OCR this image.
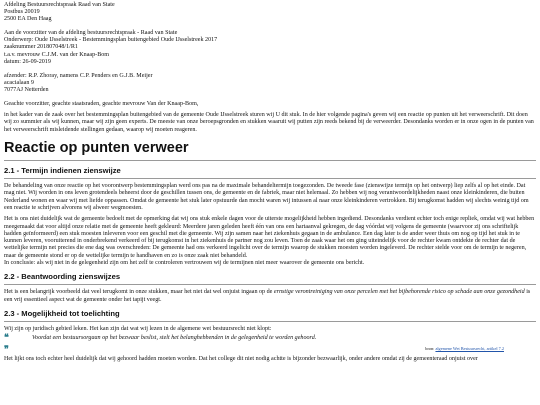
Afdeling Bestuursrechtspraak Raad van State
Postbus 20019
2500 EA Den Haag
Aan de voorzitter van de afdeling bestuursrechtspraak - Raad van State
Onderwerp: Oude IJsselstreek - Bestemmingsplan buitengebied Oude IJsselstreek 2017
zaaknummer 201807048/1/R1
t.a.v. mevrouw C.J.M. van der Knaap-Bom
datum: 26-09-2019
afzender: R.P. Zhoray, namens C.P. Penders en G.J.B. Meijer
acacialaan 9
7077AJ Netterden
Geachte voorzitter, geachte staatsraden, geachte mevrouw Van der Knaap-Bom,

in het kader van de zaak over het bestemmingsplan buitengebied van de gemeente Oude IJsselstreek sturen wij U dit stuk. In de hier volgende pagina's geven wij een reactie op punten uit het verweerschrift. Dit doen wij zo summier als wij kunnen, maar wij zijn geen experts. De meeste van onze beroepsgronden en stukken waaruit wij putten zijn reeds bekend bij de verweerder. Desondanks worden er in onze ogen in de punten van het verweerschrift misleidende stellingen gedaan, waarop wij moeten reageren.

Reactie op punten verweer
2.1 - Termijn indienen zienswijze

De behandeling van onze reactie op het voorontwerp bestemmingsplan werd ons pas na de maximale behandeltermijn toegezonden. De tweede fase (zienswijze termijn op het ontwerp) liep zelfs al op het einde. Dat mag niet. Wij worden in ons leven grotendeels beheerst door de geschillen tussen ons, de gemeente en de fabriek, maar niet helemaal. Zo hebben wij nog verantwoordelijkheden naast onze kleinkinderen, die buiten Nederland wonen en waar wij met liefde oppassen. Omdat de gemeente het stuk later opstuurde dan mocht waren wij intussen al naar onze kleinkinderen vertrokken. Bij terugkomst hadden wij slechts weinig tijd om een reactie te schrijven alvorens wij alweer wegmoesten.

Het is ons niet duidelijk wat de gemeente bedoelt met de opmerking dat wij ons stuk enkele dagen voor de uiterste mogelijkheid hebben ingediend. Desondanks verdient echter toch enige repliek, omdat wij wat hebben meegemaakt dat voor altijd onze relatie met de gemeente heeft gekleurd: Meerdere jaren geleden heeft één van ons een hartaanval gekregen, de dag vóórdat wij volgens de gemeente (waarvoor zij ons schriftelijk hadden geïnformeerd) een stuk moesten inleveren voor een geschil met die gemeente. Wij zijn samen naar het ziekenhuis gegaan in de ambulance. Een dag later is de ander weer thuis om nog op tijd het stuk in te kunnen leveren, vooruiterend in onderbrekend verkeerd of bij terugkomst in het ziekenhuis de partner nog zou leven. Toen de zaak waar het om ging uiteindelijk voor de rechter kwam ontdekte de rechter dat de wettelijke termijn net precies die ene dag was overschreden: De gemeente had ons verkeerd ingelicht over de termijn waarop de stukken moesten worden ingeleverd. De rechter stelde voor om de termijn te negeren, maar de gemeente stond er op de wettelijke termijn te handhaven en zo is onze zaak niet behandeld.

In conclusie: als wij niet in de gelegenheid zijn om het zelf te controleren vertrouwen wij de termijnen niet meer waarover de gemeente ons bericht.

2.2 - Beantwoording zienswijzes

Het is een belangrijk voorbeeld dat veel terugkomt in onze stukken, maar het niet dat wel onjuist ingaan op de ernstige verontreiniging van onze percelen met het bijbehorende risico op schade aan onze gezondheid is een vrij essentieel aspect wat de gemeente onder het tapijt veegt.

2.3 - Mogelijkheid tot toelichting

Wij zijn op juridisch gebied leken. Het kan zijn dat wat wij lezen in de algemene wet bestuursrecht niet klopt:

❝	Voordat een bestuursorgaan op het bezwaar beslist, stelt het belanghebbenden in de gelegenheid te worden gehoord.

❞	bron: algemene Wet Bestuursrecht, artikel 7.2

Het lijkt ons toch echter heel duidelijk dat wij gehoord hadden moeten worden. Dat het college dit niet nodig achtte is bijzonder bezwaarlijk, onder andere omdat zij de gemeenteraad onjuist over
